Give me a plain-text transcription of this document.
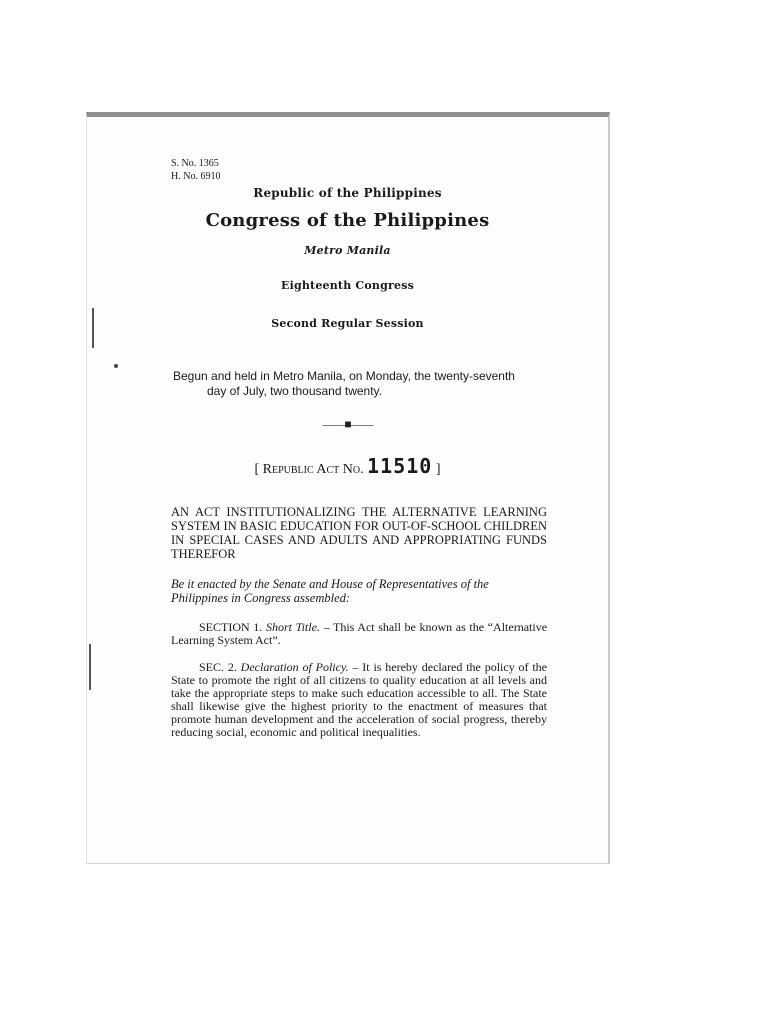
S. No. 1365
H. No. 6910
Republic of the Philippines
Congress of the Philippines
Metro Manila
Eighteenth Congress
Second Regular Session
Begun and held in Metro Manila, on Monday, the twenty-seventh
day of July, two thousand twenty.
——■——
[ Republic Act No. 11510 ]
AN ACT INSTITUTIONALIZING THE ALTERNATIVE LEARNING SYSTEM IN BASIC EDUCATION FOR OUT-OF-SCHOOL CHILDREN IN SPECIAL CASES AND ADULTS AND APPROPRIATING FUNDS THEREFOR
Be it enacted by the Senate and House of Representatives of the Philippines in Congress assembled:
SECTION 1. Short Title. – This Act shall be known as the “Alternative Learning System Act”.
SEC. 2. Declaration of Policy. – It is hereby declared the policy of the State to promote the right of all citizens to quality education at all levels and take the appropriate steps to make such education accessible to all. The State shall likewise give the highest priority to the enactment of measures that promote human development and the acceleration of social progress, thereby reducing social, economic and political inequalities.
